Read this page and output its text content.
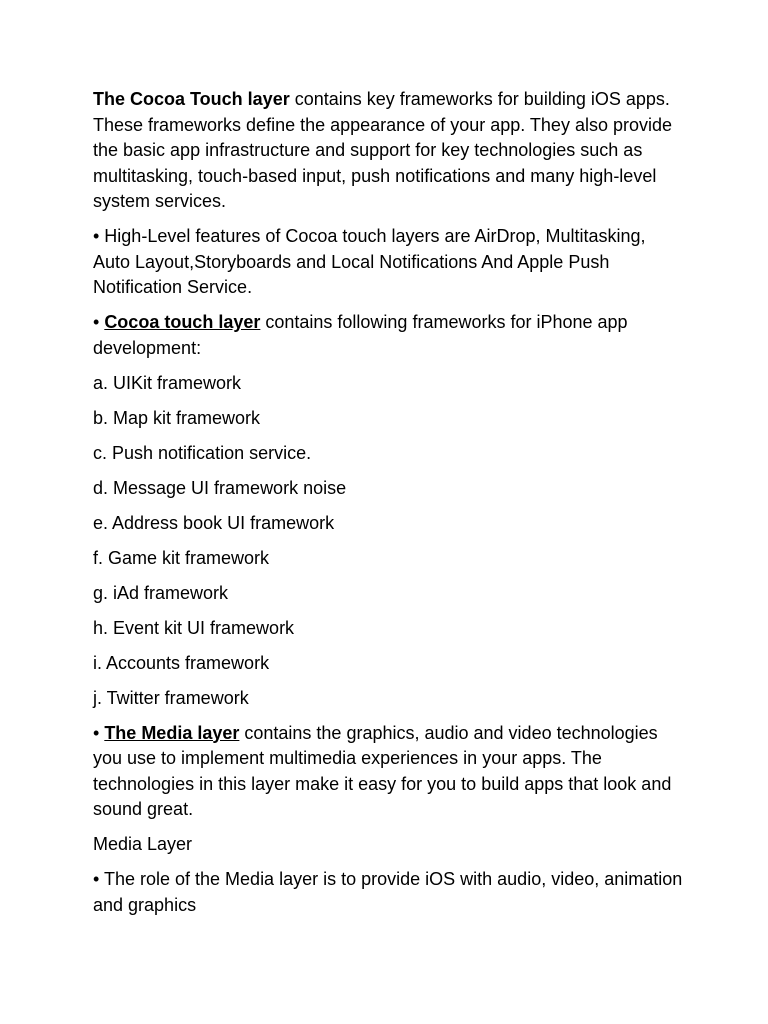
The Cocoa Touch layer contains key frameworks for building iOS apps. These frameworks define the appearance of your app. They also provide the basic app infrastructure and support for key technologies such as multitasking, touch-based input, push notifications and many high-level system services.

• High-Level features of Cocoa touch layers are AirDrop, Multitasking, Auto Layout,Storyboards and Local Notifications And Apple Push Notification Service.

• Cocoa touch layer contains following frameworks for iPhone app development:

a. UIKit framework

b. Map kit framework

c. Push notification service.

d. Message UI framework noise

e. Address book UI framework

f. Game kit framework

g. iAd framework

h. Event kit UI framework

i. Accounts framework

j. Twitter framework

• The Media layer contains the graphics, audio and video technologies you use to implement multimedia experiences in your apps. The technologies in this layer make it easy for you to build apps that look and sound great.

Media Layer

• The role of the Media layer is to provide iOS with audio, video, animation and graphics
